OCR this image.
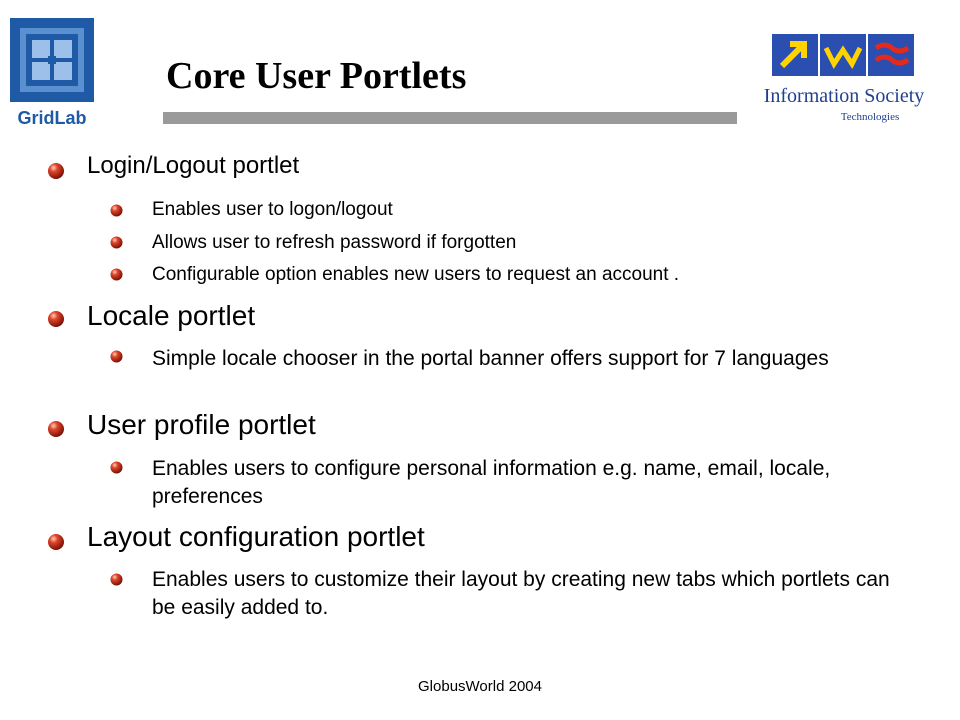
GridLab
Information Society
Technologies
Core User Portlets
Login/Logout portlet
Enables user to logon/logout
Allows user to refresh password if forgotten
Configurable option enables new users to request an account .
Locale portlet
Simple locale chooser in the portal banner offers support for 7 languages
User profile portlet
Enables users to configure personal information e.g. name, email, locale, preferences
Layout configuration portlet
Enables users to customize their layout by creating new tabs which portlets can be easily added to.
GlobusWorld 2004
